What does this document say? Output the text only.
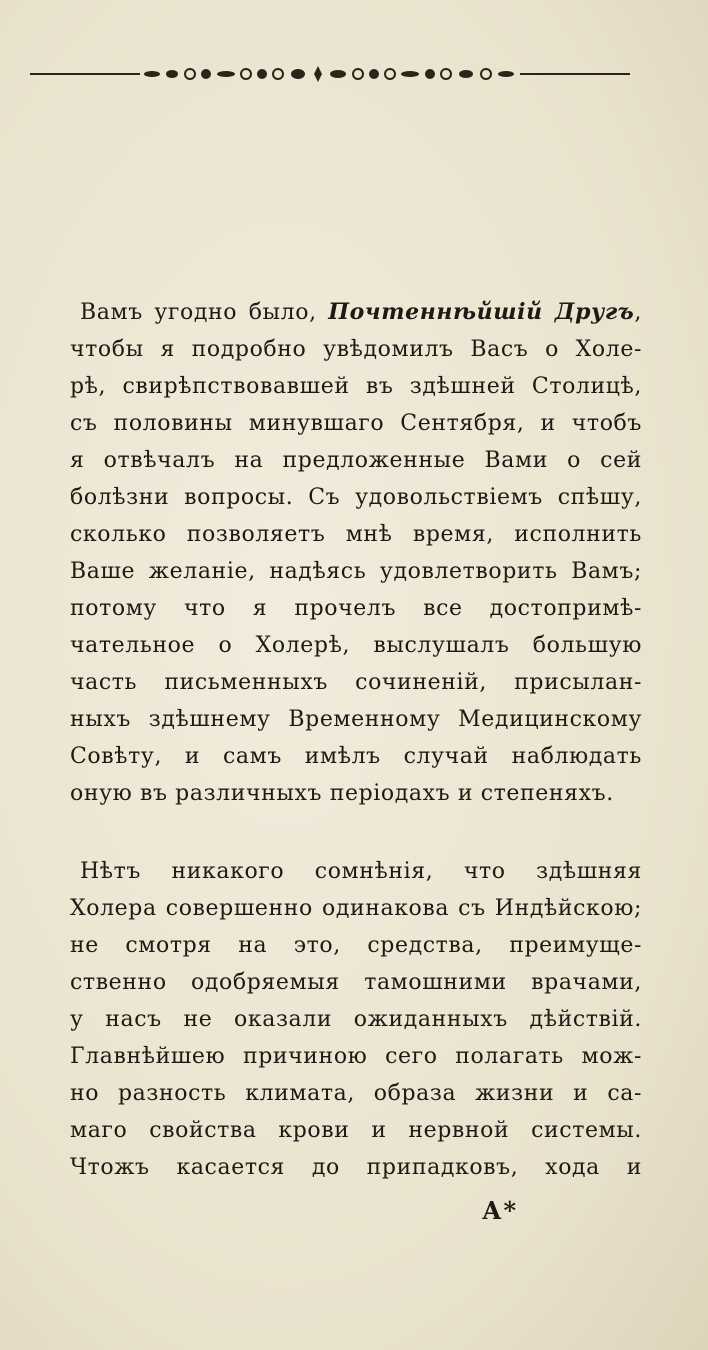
Вамъ угодно было, Почтеннѣйшій Другъ,
чтобы я подробно увѣдомилъ Васъ о Холе-
рѣ, свирѣпствовавшей въ здѣшней Столицѣ,
съ половины минувшаго Сентября, и чтобъ
я отвѣчалъ на предложенные Вами о сей
болѣзни вопросы. Съ удовольствіемъ спѣшу,
сколько позволяетъ мнѣ время, исполнить
Ваше желаніе, надѣясь удовлетворить Вамъ;
потому что я прочелъ все достопримѣ-
чательное о Холерѣ, выслушалъ большую
часть письменныхъ сочиненій, присылан-
ныхъ здѣшнему Временному Медицинскому
Совѣту, и самъ имѣлъ случай наблюдать
оную въ различныхъ періодахъ и степеняхъ.
Нѣтъ никакого сомнѣнія, что здѣшняя
Холера совершенно одинакова съ Индѣйскою;
не смотря на это, средства, преимуще-
ственно одобряемыя тамошними врачами,
у насъ не оказали ожиданныхъ дѣйствій.
Главнѣйшею причиною сего полагать мож-
но разность климата, образа жизни и са-
маго свойства крови и нервной системы.
Чтожъ касается до припадковъ, хода и
А*
